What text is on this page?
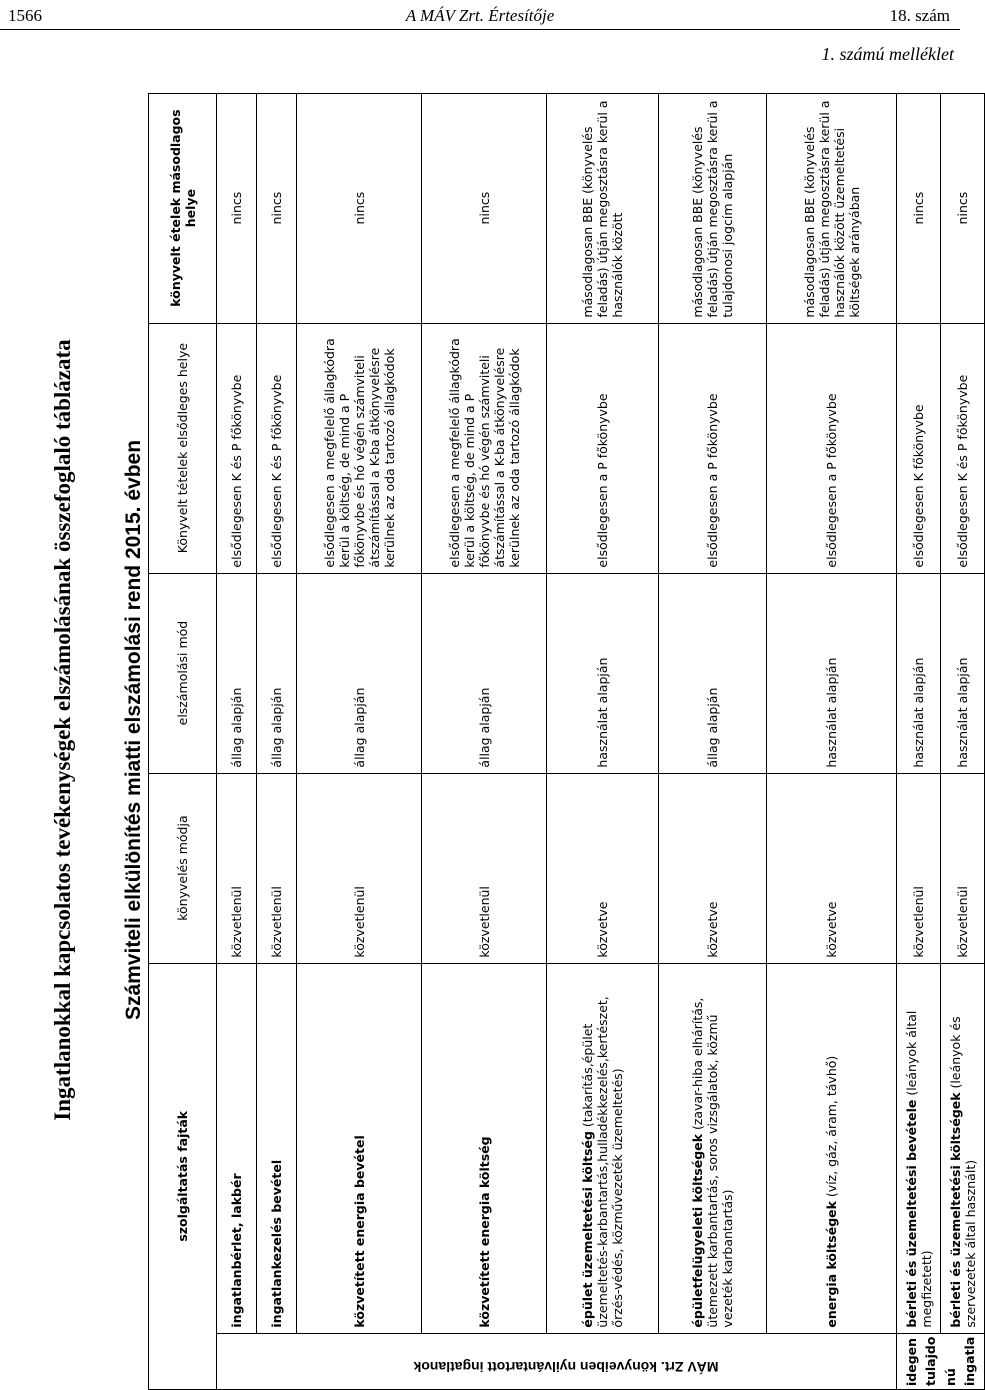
1566	A MÁV Zrt. Értesítője	18. szám
1. számú melléklet
Ingatlanokkal kapcsolatos tevékenységek elszámolásának összefoglaló táblázata Számviteli elkülönítés miatti elszámolási rend 2015. évben
szolgáltatás fajták		könyvelés módja	elszámolási mód	Könyvelt tételek elsődleges helye	könyvelt ételek másodlagos helye

MÁV Zrt. könyveiben nyilvántartott ingatlanok	ingatlanbérlet, lakbér	közvetlenül	állag alapján	elsődlegesen K és P főkönyvbe	nincs
	ingatlankezelés bevétel	közvetlenül	állag alapján	elsődlegesen K és P főkönyvbe	nincs
	közvetített energia bevétel	közvetlenül	állag alapján	elsődlegesen a megfelelő állagkódra kerül a költség, de mind a P főkönyvbe és hó végén számviteli átszámítással a K-ba átkönyvelésre kerülnek az oda tartozó állagkódok	nincs
	közvetített energia költség	közvetlenül	állag alapján	elsődlegesen a megfelelő állagkódra kerül a költség, de mind a P főkönyvbe és hó végén számviteli átszámítással a K-ba átkönyvelésre kerülnek az oda tartozó állagkódok	nincs
	épület üzemeltetési költség (takarítás,épület üzemeltetés-karbantartás,hulladékkezelés,kertészet, őrzés-védés, közművezeték üzemeltetés)	közvetve	használat alapján	elsődlegesen a P főkönyvbe	másodlagosan BBE (könyvelés feladás) útján megosztásra kerül a használók között
	épületfelügyeleti költségek (zavar-hiba elhárítás, ütemezett karbantartás, soros vizsgálatok, közmű vezeték karbantartás)	közvetve	állag alapján	elsődlegesen a P főkönyvbe	másodlagosan BBE (könyvelés feladás) útján megosztásra kerül a tulajdonosi jogcím alapján
	energia költségek (víz, gáz, áram, távhő)	közvetve	használat alapján	elsődlegesen a P főkönyvbe	másodlagosan BBE (könyvelés feladás) útján megosztásra kerül a használók között üzemeltetési költségek arányában
idegen tulajdo nú ingatla	bérleti és üzemeltetési bevétele (leányok által megfizetett)	közvetlenül	használat alapján	elsődlegesen K főkönyvbe	nincs
	bérleti és üzemeltetési költségek (leányok és szervezetek által használt)	közvetlenül	használat alapján	elsődlegesen K és P főkönyvbe	nincs
